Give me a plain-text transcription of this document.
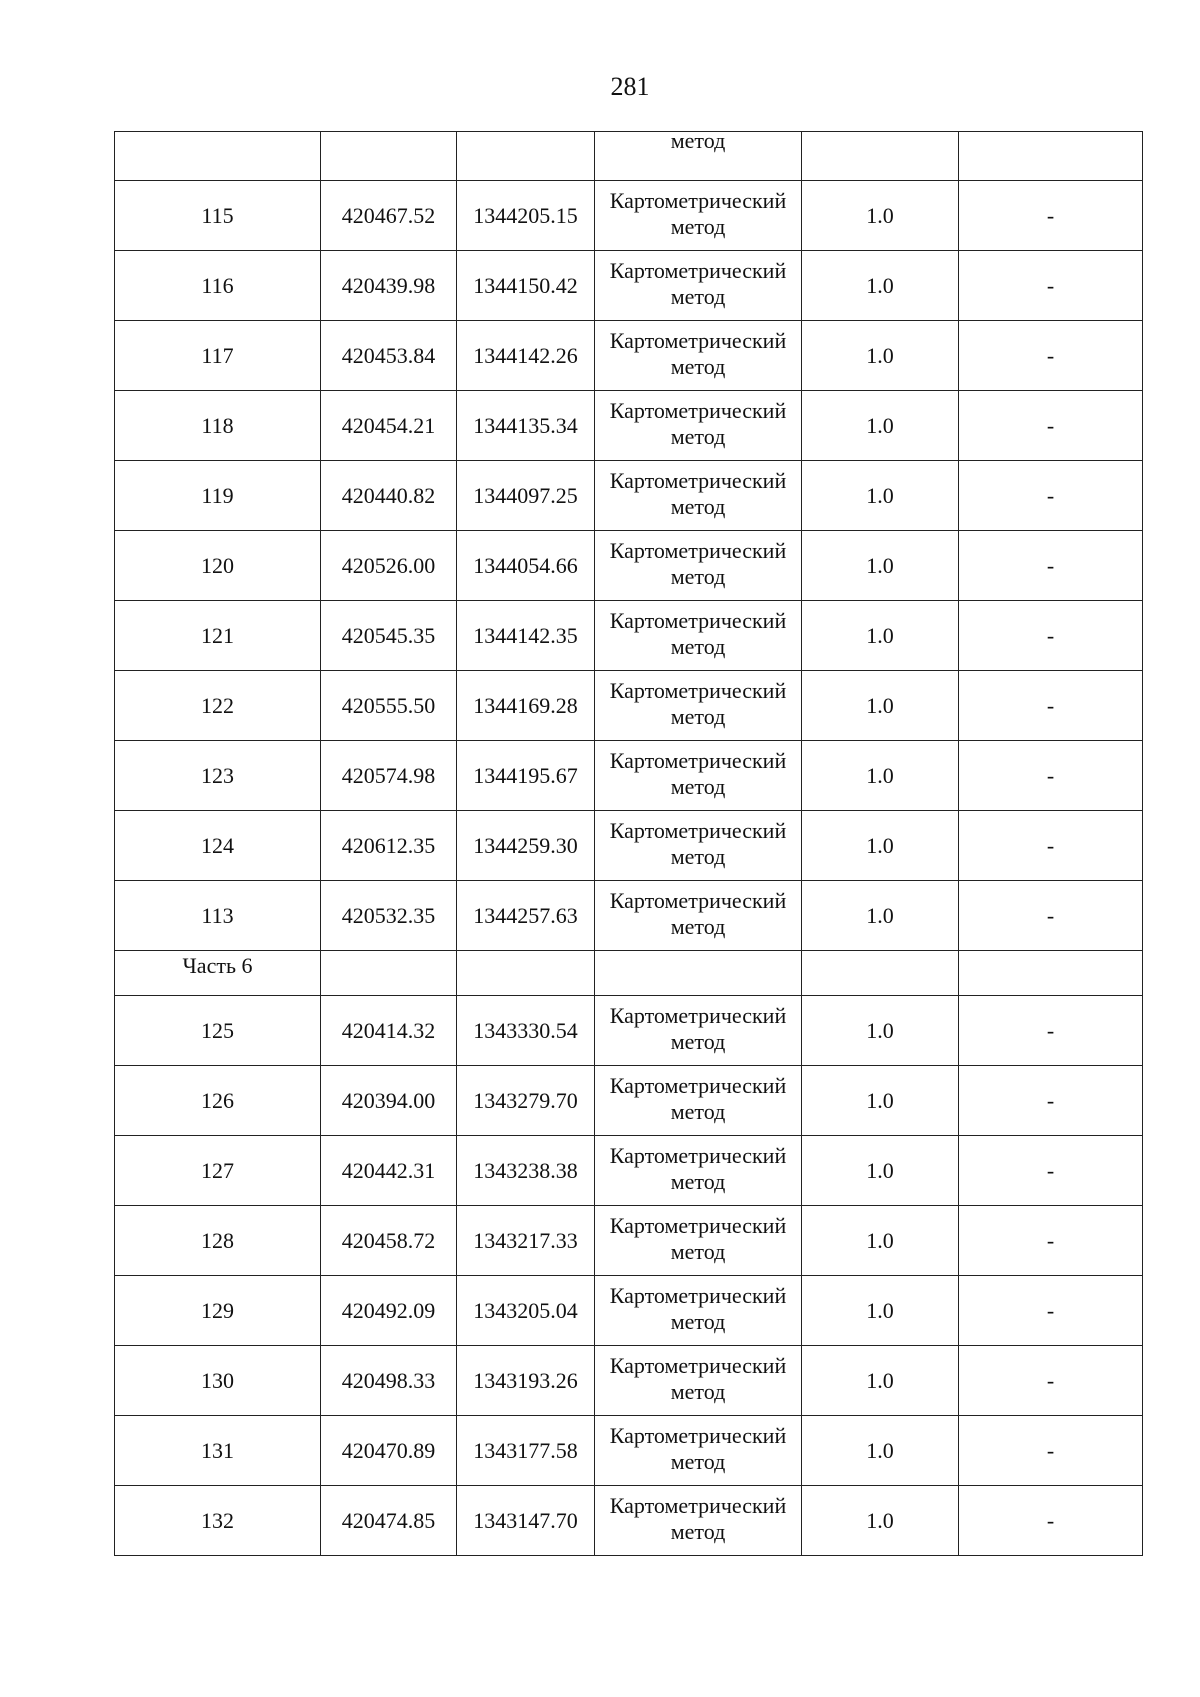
281

			метод		

115	420467.52	1344205.15	Картометрический
метод	1.0	-
116	420439.98	1344150.42	Картометрический
метод	1.0	-
117	420453.84	1344142.26	Картометрический
метод	1.0	-
118	420454.21	1344135.34	Картометрический
метод	1.0	-
119	420440.82	1344097.25	Картометрический
метод	1.0	-
120	420526.00	1344054.66	Картометрический
метод	1.0	-
121	420545.35	1344142.35	Картометрический
метод	1.0	-
122	420555.50	1344169.28	Картометрический
метод	1.0	-
123	420574.98	1344195.67	Картометрический
метод	1.0	-
124	420612.35	1344259.30	Картометрический
метод	1.0	-
113	420532.35	1344257.63	Картометрический
метод	1.0	-
Часть 6					
125	420414.32	1343330.54	Картометрический
метод	1.0	-
126	420394.00	1343279.70	Картометрический
метод	1.0	-
127	420442.31	1343238.38	Картометрический
метод	1.0	-
128	420458.72	1343217.33	Картометрический
метод	1.0	-
129	420492.09	1343205.04	Картометрический
метод	1.0	-
130	420498.33	1343193.26	Картометрический
метод	1.0	-
131	420470.89	1343177.58	Картометрический
метод	1.0	-
132	420474.85	1343147.70	Картометрический
метод	1.0	-
